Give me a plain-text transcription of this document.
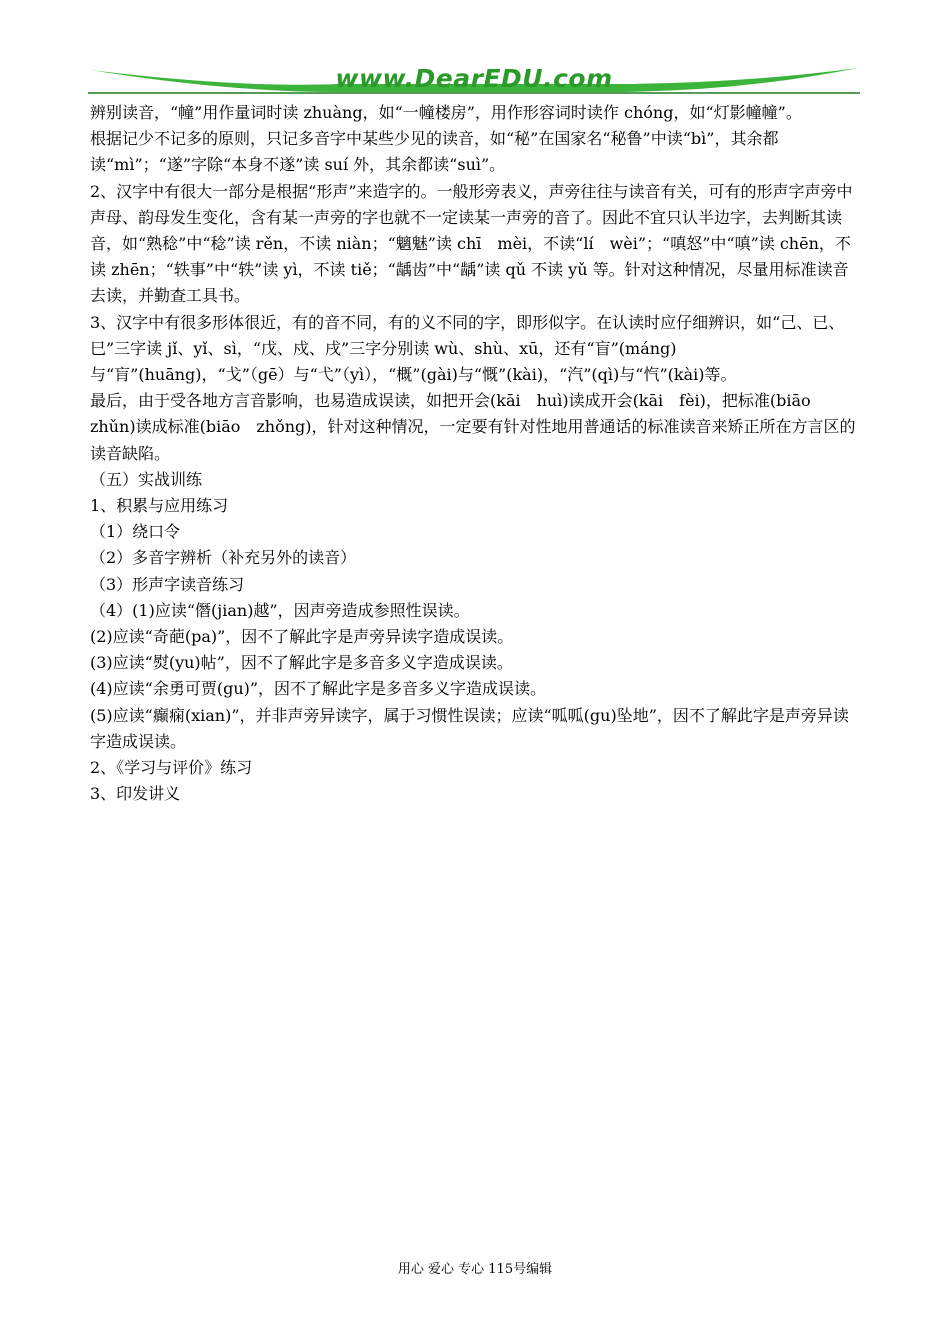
www.DearEDU.com

辨别读音，“幢”用作量词时读 zhuàng，如“一幢楼房”，用作形容词时读作 chóng，如“灯影幢幢”。

根据记少不记多的原则，只记多音字中某些少见的读音，如“秘”在国家名“秘鲁”中读“bì”，其余都读“mì”；“遂”字除“本身不遂”读 suí 外，其余都读“suì”。

2、汉字中有很大一部分是根据“形声”来造字的。一般形旁表义，声旁往往与读音有关，可有的形声字声旁中声母、韵母发生变化，含有某一声旁的字也就不一定读某一声旁的音了。因此不宜只认半边字，去判断其读音，如“熟稔”中“稔”读 rěn，不读 niàn；“魑魅”读 chī　mèi，不读“lí　wèi”；“嗔怒”中“嗔”读 chēn，不读 zhēn；“轶事”中“轶”读 yì，不读 tiě；“龋齿”中“龋”读 qǔ 不读 yǔ 等。针对这种情况，尽量用标准读音去读，并勤查工具书。

3、汉字中有很多形体很近，有的音不同，有的义不同的字，即形似字。在认读时应仔细辨识，如“己、已、巳”三字读 jǐ、yǐ、sì，“戊、戍、戌”三字分别读 wù、shù、xū，还有“盲”(máng)与“肓”(huāng)，“戈”（gē）与“弋”（yì），“概”(gài)与“慨”(kài)，“汽”(qì)与“忾”(kài)等。

最后，由于受各地方言音影响，也易造成误读，如把开会(kāi　huì)读成开会(kāi　fèi)，把标准(biāo　zhǔn)读成标准(biāo　zhǒng)，针对这种情况，一定要有针对性地用普通话的标准读音来矫正所在方言区的读音缺陷。

（五）实战训练

1、积累与应用练习

（1）绕口令

（2）多音字辨析（补充另外的读音）

（3）形声字读音练习

（4）(1)应读“僭(jian)越”，因声旁造成参照性误读。

(2)应读“奇葩(pa)”，因不了解此字是声旁异读字造成误读。

(3)应读“熨(yu)帖”，因不了解此字是多音多义字造成误读。

(4)应读“余勇可贾(gu)”，因不了解此字是多音多义字造成误读。

(5)应读“癫痫(xian)”，并非声旁异读字，属于习惯性误读；应读“呱呱(gu)坠地”，因不了解此字是声旁异读字造成误读。

2、《学习与评价》练习

3、印发讲义

用心 爱心 专心 115号编辑
